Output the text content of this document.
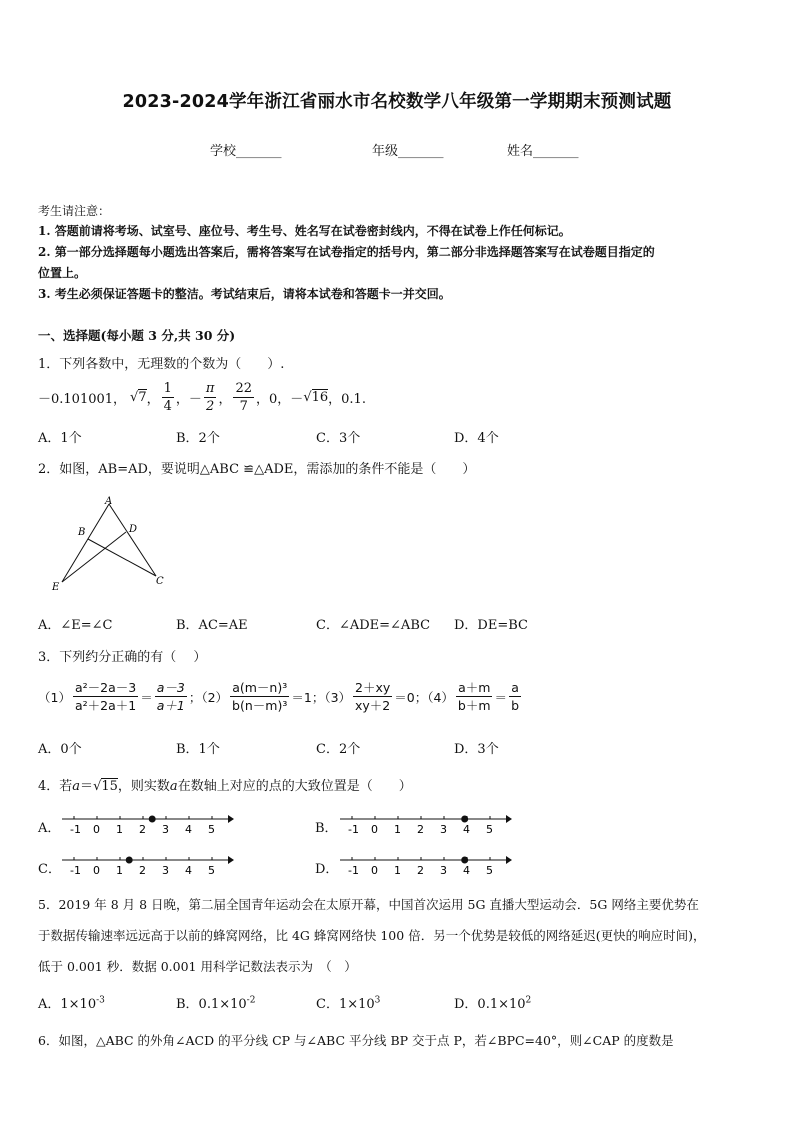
2023-2024学年浙江省丽水市名校数学八年级第一学期期末预测试题
学校_______	年级_______	姓名_______
考生请注意：
1. 答题前请将考场、试室号、座位号、考生号、姓名写在试卷密封线内，不得在试卷上作任何标记。
2. 第一部分选择题每小题选出答案后，需将答案写在试卷指定的括号内，第二部分非选择题答案写在试卷题目指定的
位置上。
3. 考生必须保证答题卡的整洁。考试结束后，请将本试卷和答题卡一并交回。
一、选择题(每小题 3 分,共 30 分)
1．下列各数中，无理数的个数为（　　）.
－0.101001， √7 ， $\frac{1}{4}$ ，－ $\frac{\pi}{2}$ ， $\frac{22}{7}$ ，0，－ √16 ，0.1.
A．1个	B．2个	C．3个	D．4个
2．如图，AB=AD，要说明△ABC ≌△ADE，需添加的条件不能是（　　）
A
B	D
E
C
A．∠E=∠C	B．AC=AE	C．∠ADE=∠ABC D．DE=BC
3．下列约分正确的有（　 ）
$(1) \frac{\text{a²－2a－3}}{\text{a²＋2a＋1}} = \frac{a-3}{a+1}$ ；$(2) \frac{\text{a(m－n)³}}{\text{b(n－m)³}} =1$ ；$(3) \frac{2+xy}{xy+2} =0$ ；$(4) \frac{a+m}{b+m} = \frac{a}{b}$
A．0个	B．1个	C．2个	D．3个
4．若a＝√15，则实数a在数轴上对应的点的大致位置是（　　）
A． -1 0 1 2 3 4 5	B． -1 0 1 2 3 4 5
C． -1 0 1 2 3 4 5	D． -1 0 1 2 3 4 5
5．2019 年 8 月 8 日晚，第二届全国青年运动会在太原开幕，中国首次运用 5G 直播大型运动会．5G 网络主要优势在
于数据传输速率远远高于以前的蜂窝网络，比 4G 蜂窝网络快 100 倍．另一个优势是较低的网络延迟(更快的响应时间)，
低于 0.001 秒．数据 0.001 用科学记数法表示为　（　）
A．$1\times 10^{-3}$	B．$0.1\times 10^{-2}$	C．$1\times 10^3$	D．$0.1\times 10^2$
6．如图，△ABC 的外角∠ACD 的平分线 CP 与∠ABC 平分线 BP 交于点 P，若∠BPC=40°，则∠CAP 的度数是
